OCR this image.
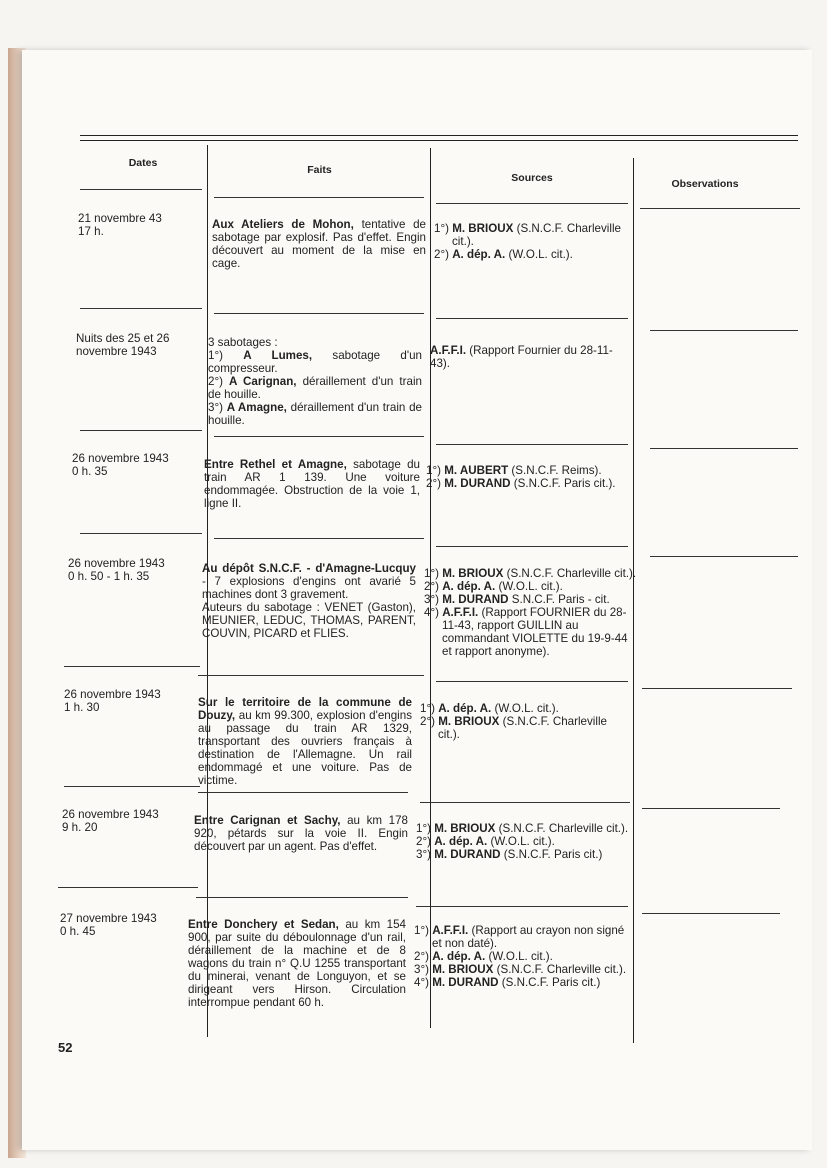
Dates
Faits
Sources	Observations
21 novembre 43
17 h.
Aux Ateliers de Mohon, tentative de sabotage par explosif. Pas d'effet. Engin découvert au moment de la mise en cage.
1°) M. BRIOUX (S.N.C.F. Charleville cit.).
2°) A. dép. A. (W.O.L. cit.).
Nuits des 25 et 26 novembre 1943
3 sabotages :
1°) A Lumes, sabotage d'un compresseur.
2°) A Carignan, déraillement d'un train de houille.
3°) A Amagne, déraillement d'un train de houille.
A.F.F.I. (Rapport Fournier du 28-11-43).
26 novembre 1943
0 h. 35
Entre Rethel et Amagne, sabotage du train AR 1 139. Une voiture endommagée. Obstruction de la voie 1, ligne II.
1°) M. AUBERT (S.N.C.F. Reims).
2°) M. DURAND (S.N.C.F. Paris cit.).
26 novembre 1943
0 h. 50 - 1 h. 35
Au dépôt S.N.C.F. - d'Amagne-Lucquy - 7 explosions d'engins ont avarié 5 machines dont 3 gravement.
Auteurs du sabotage : VENET (Gaston), MEUNIER, LEDUC, THOMAS, PARENT, COUVIN, PICARD et FLIES.
1°) M. BRIOUX (S.N.C.F. Charleville cit.).
2°) A. dép. A. (W.O.L. cit.).
3°) M. DURAND S.N.C.F. Paris - cit.
4°) A.F.F.I. (Rapport FOURNIER du 28-11-43, rapport GUILLIN au commandant VIOLETTE du 19-9-44 et rapport anonyme).
26 novembre 1943
1 h. 30	Sur le territoire de la commune de Douzy, au km 99.300, explosion d'engins au passage du train AR 1329, transportant des ouvriers français à destination de l'Allemagne. Un rail endommagé et une voiture. Pas de victime.
1°) A. dép. A. (W.O.L. cit.).
2°) M. BRIOUX (S.N.C.F. Charleville cit.).
26 novembre 1943
9 h. 20
Entre Carignan et Sachy, au km 178 920, pétards sur la voie II. Engin découvert par un agent. Pas d'effet.
1°) M. BRIOUX (S.N.C.F. Charleville cit.).
2°) A. dép. A. (W.O.L. cit.).
3°) M. DURAND (S.N.C.F. Paris cit.)
27 novembre 1943
0 h. 45
Entre Donchery et Sedan, au km 154 900, par suite du déboulonnage d'un rail, déraillement de la machine et de 8 wagons du train n° Q.U 1255 transportant du minerai, venant de Longuyon, et se dirigeant vers Hirson. Circulation interrompue pendant 60 h.
1°) A.F.F.I. (Rapport au crayon non signé et non daté).
2°) A. dép. A. (W.O.L. cit.).
3°) M. BRIOUX (S.N.C.F. Charleville cit.).
4°) M. DURAND (S.N.C.F. Paris cit.)
52
